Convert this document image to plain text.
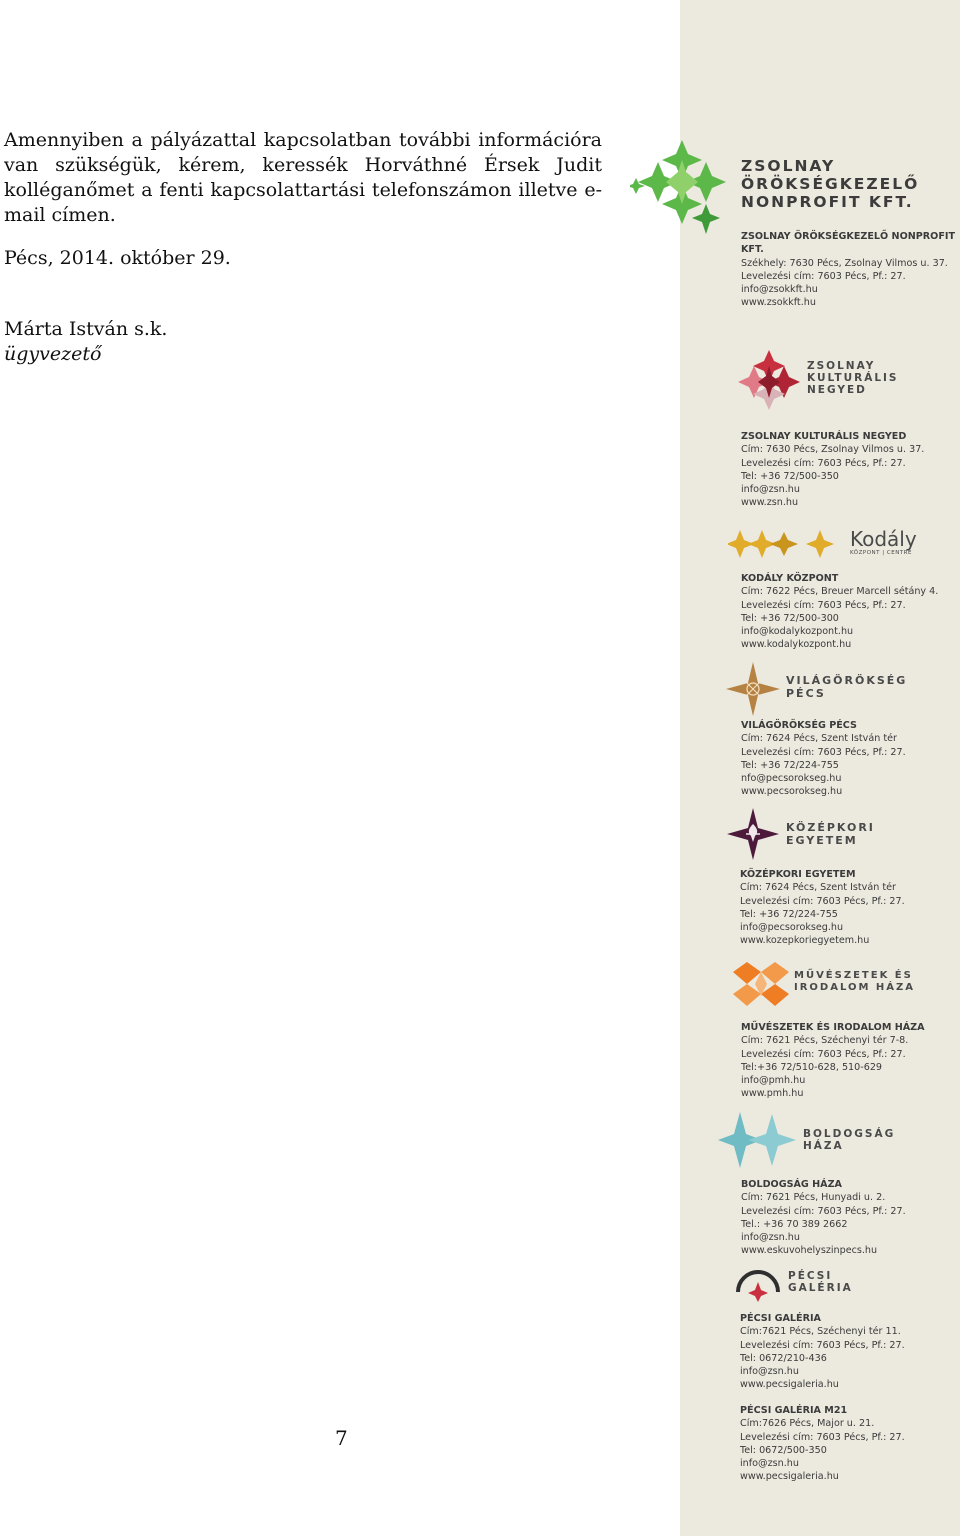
Amennyiben a pályázattal kapcsolatban további információra van szükségük, kérem, keressék Horváthné Érsek Judit kolléganőmet a fenti kapcsolattartási telefonszámon illetve e-mail címen.

Pécs, 2014. október 29.
Márta István s.k.
ügyvezető
7
ZSOLNAY
ÖRÖKSÉGKEZELŐ
NONPROFIT KFT.
ZSOLNAY
KULTURÁLIS
NEGYED
Kodály
KÖZPONT | CENTRE
VILÁGÖRÖKSÉG
PÉCS
KÖZÉPKORI
EGYETEM
MŰVÉSZETEK ÉS
IRODALOM HÁZA
BOLDOGSÁG
HÁZA
PÉCSI
GALÉRIA
ZSOLNAY ÖRÖKSÉGKEZELŐ NONPROFIT KFT.
Székhely: 7630 Pécs, Zsolnay Vilmos u. 37.
Levelezési cím: 7603 Pécs, Pf.: 27.
info@zsokkft.hu
www.zsokkft.hu
ZSOLNAY KULTURÁLIS NEGYED
Cím: 7630 Pécs, Zsolnay Vilmos u. 37.
Levelezési cím: 7603 Pécs, Pf.: 27.
Tel: +36 72/500-350
info@zsn.hu
www.zsn.hu
KODÁLY KÖZPONT
Cím: 7622 Pécs, Breuer Marcell sétány 4.
Levelezési cím: 7603 Pécs, Pf.: 27.
Tel: +36 72/500-300
info@kodalykozpont.hu
www.kodalykozpont.hu
VILÁGÖRÖKSÉG PÉCS
Cím: 7624 Pécs, Szent István tér
Levelezési cím: 7603 Pécs, Pf.: 27.
Tel: +36 72/224-755
nfo@pecsorokseg.hu
www.pecsorokseg.hu
KÖZÉPKORI EGYETEM
Cím: 7624 Pécs, Szent István tér
Levelezési cím: 7603 Pécs, Pf.: 27.
Tel: +36 72/224-755
info@pecsorokseg.hu
www.kozepkoriegyetem.hu
MŰVÉSZETEK ÉS IRODALOM HÁZA
Cím: 7621 Pécs, Széchenyi tér 7-8.
Levelezési cím: 7603 Pécs, Pf.: 27.
Tel:+36 72/510-628, 510-629
info@pmh.hu
www.pmh.hu
BOLDOGSÁG HÁZA
Cím: 7621 Pécs, Hunyadi u. 2.
Levelezési cím: 7603 Pécs, Pf.: 27.
Tel.: +36 70 389 2662
info@zsn.hu
www.eskuvohelyszinpecs.hu
PÉCSI GALÉRIA
Cím:7621 Pécs, Széchenyi tér 11.
Levelezési cím: 7603 Pécs, Pf.: 27.
Tel: 0672/210-436
info@zsn.hu
www.pecsigaleria.hu
PÉCSI GALÉRIA M21
Cím:7626 Pécs, Major u. 21.
Levelezési cím: 7603 Pécs, Pf.: 27.
Tel: 0672/500-350
info@zsn.hu
www.pecsigaleria.hu
